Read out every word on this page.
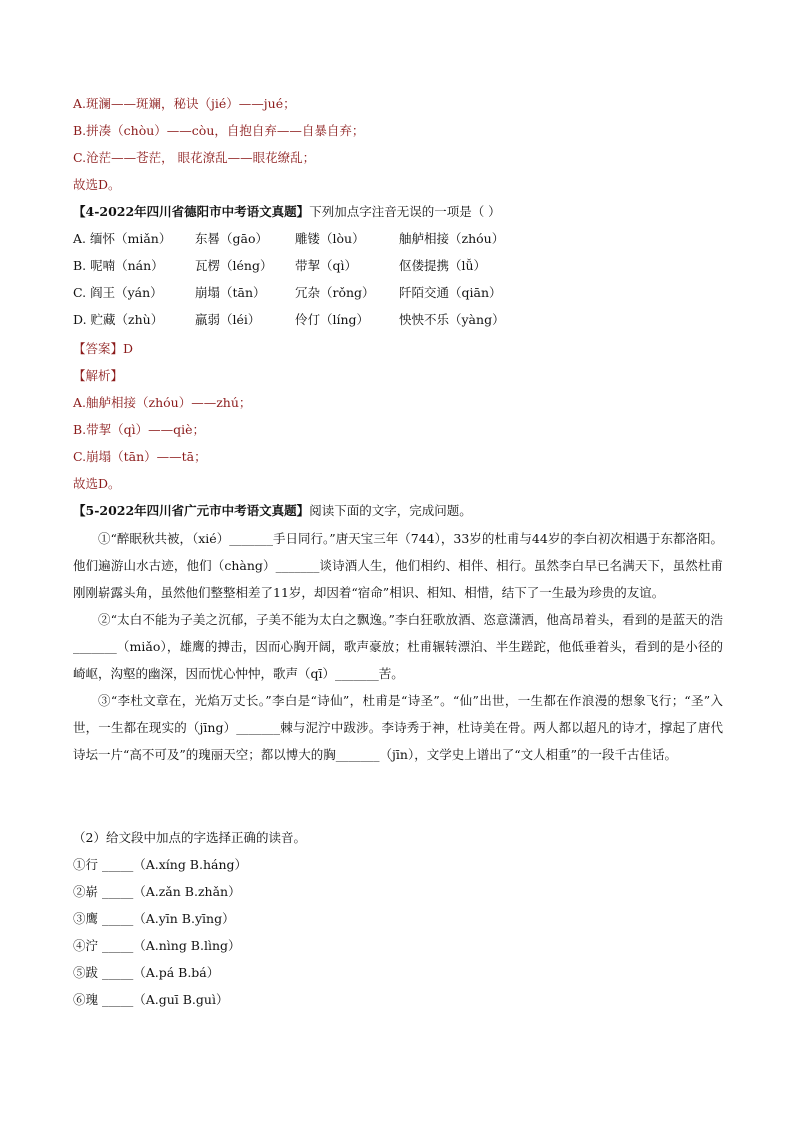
A.斑澜——斑斓，秘诀（jié）——jué；
B.拼凑（chòu）——còu，自抱自弃——自暴自弃；
C.沧茫——苍茫， 眼花潦乱——眼花缭乱；
故选D。
【4-2022年四川省德阳市中考语文真题】下列加点字注音无误的一项是（ ）
A. 缅怀（miǎn） 东晷（gāo） 雕镂（lòu）	舳舻相接（zhóu）
B. 呢喃（nán）	瓦楞（léng） 带挈（qì）	伛偻提携（lǚ）
C. 阎王（yán）	崩塌（tān） 冗杂（rǒng） 阡陌交通（qiān）
D. 贮藏（zhù）	羸弱（léi）	伶仃（líng） 怏怏不乐（yàng）
【答案】D
【解析】
A.舳舻相接（zhóu）——zhú；
B.带挈（qì）——qiè；
C.崩塌（tān）——tā；
故选D。
【5-2022年四川省广元市中考语文真题】阅读下面的文字，完成问题。

①“醉眠秋共被，（xié）_______手日同行。”唐天宝三年（744），33岁的杜甫与44岁的李白初次相遇于东都洛阳。他们遍游山水古迹，他们（chàng）_______谈诗酒人生，他们相约、相伴、相行。虽然李白早已名满天下，虽然杜甫刚刚崭露头角，虽然他们整整相差了11岁，却因着“宿命”相识、相知、相惜，结下了一生最为珍贵的友谊。

②“太白不能为子美之沉郁，子美不能为太白之飘逸。”李白狂歌放酒、恣意潇洒，他高昂着头，看到的是蓝天的浩_______（miǎo），雄鹰的搏击，因而心胸开阔，歌声豪放；杜甫辗转漂泊、半生蹉跎，他低垂着头，看到的是小径的崎岖，沟壑的幽深，因而忧心忡忡，歌声（qī）_______苦。

③“李杜文章在，光焰万丈长。”李白是“诗仙”，杜甫是“诗圣”。“仙”出世，一生都在作浪漫的想象飞行；“圣”入世，一生都在现实的（jīng）_______棘与泥泞中跋涉。李诗秀于神，杜诗美在骨。两人都以超凡的诗才，撑起了唐代诗坛一片“高不可及”的瑰丽天空；都以博大的胸_______（jīn），文学史上谱出了“文人相重”的一段千古佳话。

（2）给文段中加点的字选择正确的读音。
①行 _____（A.xíng B.háng）
②崭 _____（A.zǎn B.zhǎn）
③鹰 _____（A.yīn B.yīng）
④泞 _____（A.nìng B.lìng）
⑤跋 _____（A.pá B.bá）
⑥瑰 _____（A.guī B.guì）
